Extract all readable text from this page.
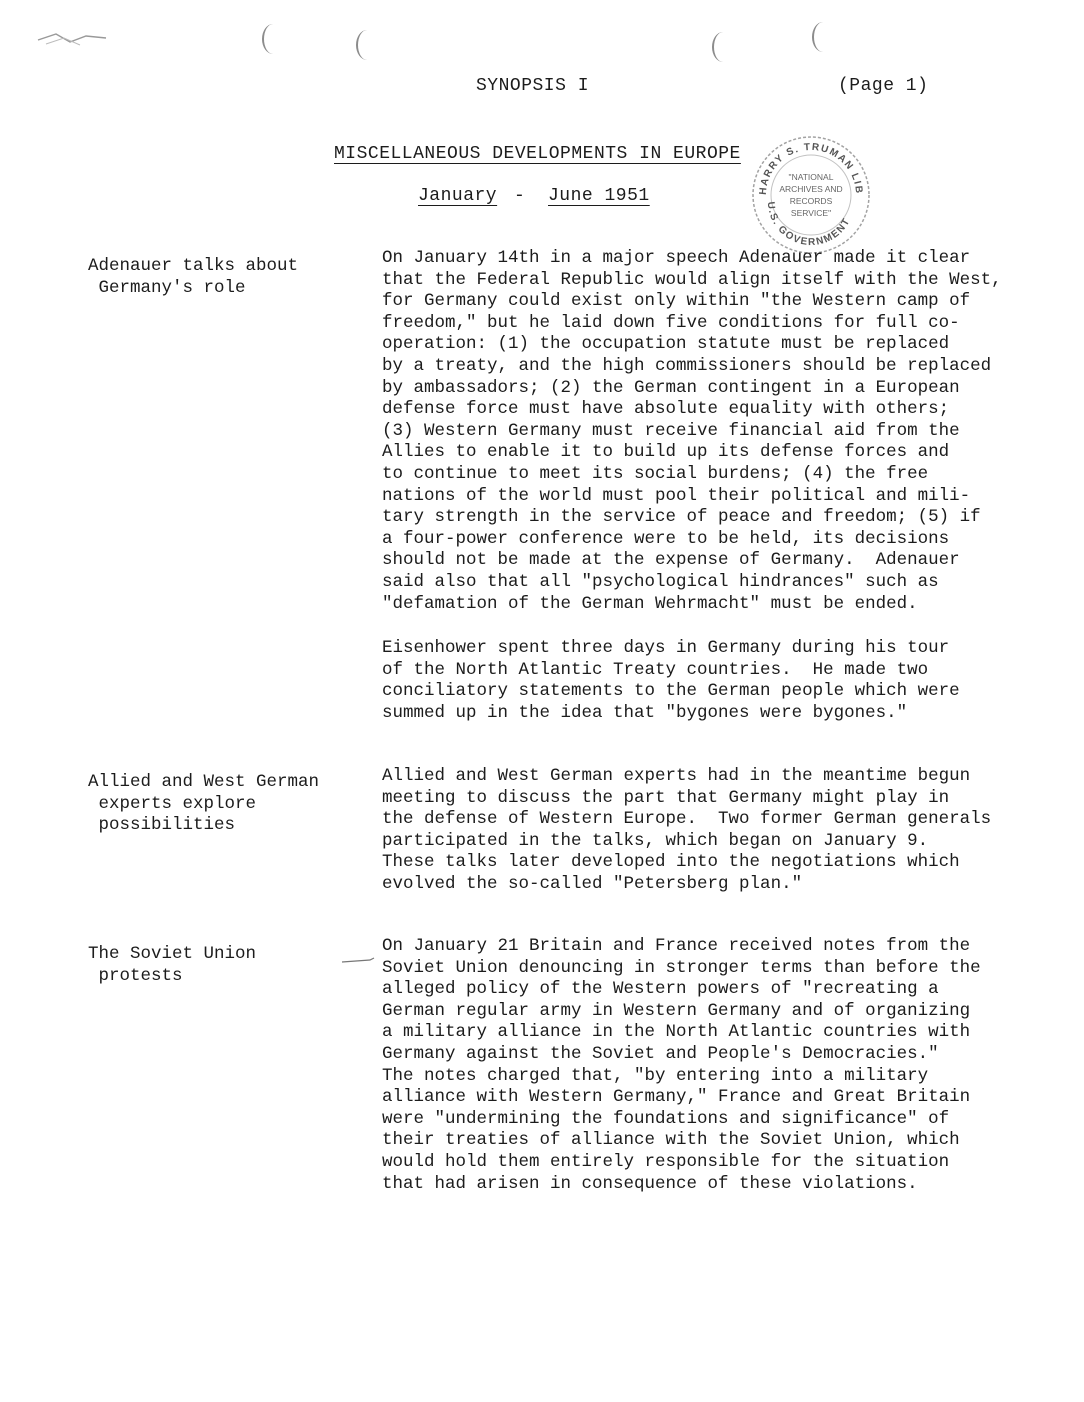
SYNOPSIS I	(Page 1)
MISCELLANEOUS DEVELOPMENTS IN EUROPE
January - June 1951	HARRY S. TRUMAN LIB
U.S. GOVERNMENT
"NATIONAL
ARCHIVES AND
RECORDS
SERVICE"
Adenauer talks about
Germany's role
On January 14th in a major speech Adenauer made it clear
that the Federal Republic would align itself with the West,
for Germany could exist only within "the Western camp of
freedom," but he laid down five conditions for full co-
operation: (1) the occupation statute must be replaced
by a treaty, and the high commissioners should be replaced
by ambassadors; (2) the German contingent in a European
defense force must have absolute equality with others;
(3) Western Germany must receive financial aid from the
Allies to enable it to build up its defense forces and
to continue to meet its social burdens; (4) the free
nations of the world must pool their political and mili-
tary strength in the service of peace and freedom; (5) if
a four-power conference were to be held, its decisions
should not be made at the expense of Germany.  Adenauer
said also that all "psychological hindrances" such as
"defamation of the German Wehrmacht" must be ended.
Eisenhower spent three days in Germany during his tour
of the North Atlantic Treaty countries.  He made two
conciliatory statements to the German people which were
summed up in the idea that "bygones were bygones."
Allied and West German
experts explore
possibilities
Allied and West German experts had in the meantime begun
meeting to discuss the part that Germany might play in
the defense of Western Europe.  Two former German generals
participated in the talks, which began on January 9.
These talks later developed into the negotiations which
evolved the so-called "Petersberg plan."
The Soviet Union
protests
On January 21 Britain and France received notes from the
Soviet Union denouncing in stronger terms than before the
alleged policy of the Western powers of "recreating a
German regular army in Western Germany and of organizing
a military alliance in the North Atlantic countries with
Germany against the Soviet and People's Democracies."
The notes charged that, "by entering into a military
alliance with Western Germany," France and Great Britain
were "undermining the foundations and significance" of
their treaties of alliance with the Soviet Union, which
would hold them entirely responsible for the situation
that had arisen in consequence of these violations.
